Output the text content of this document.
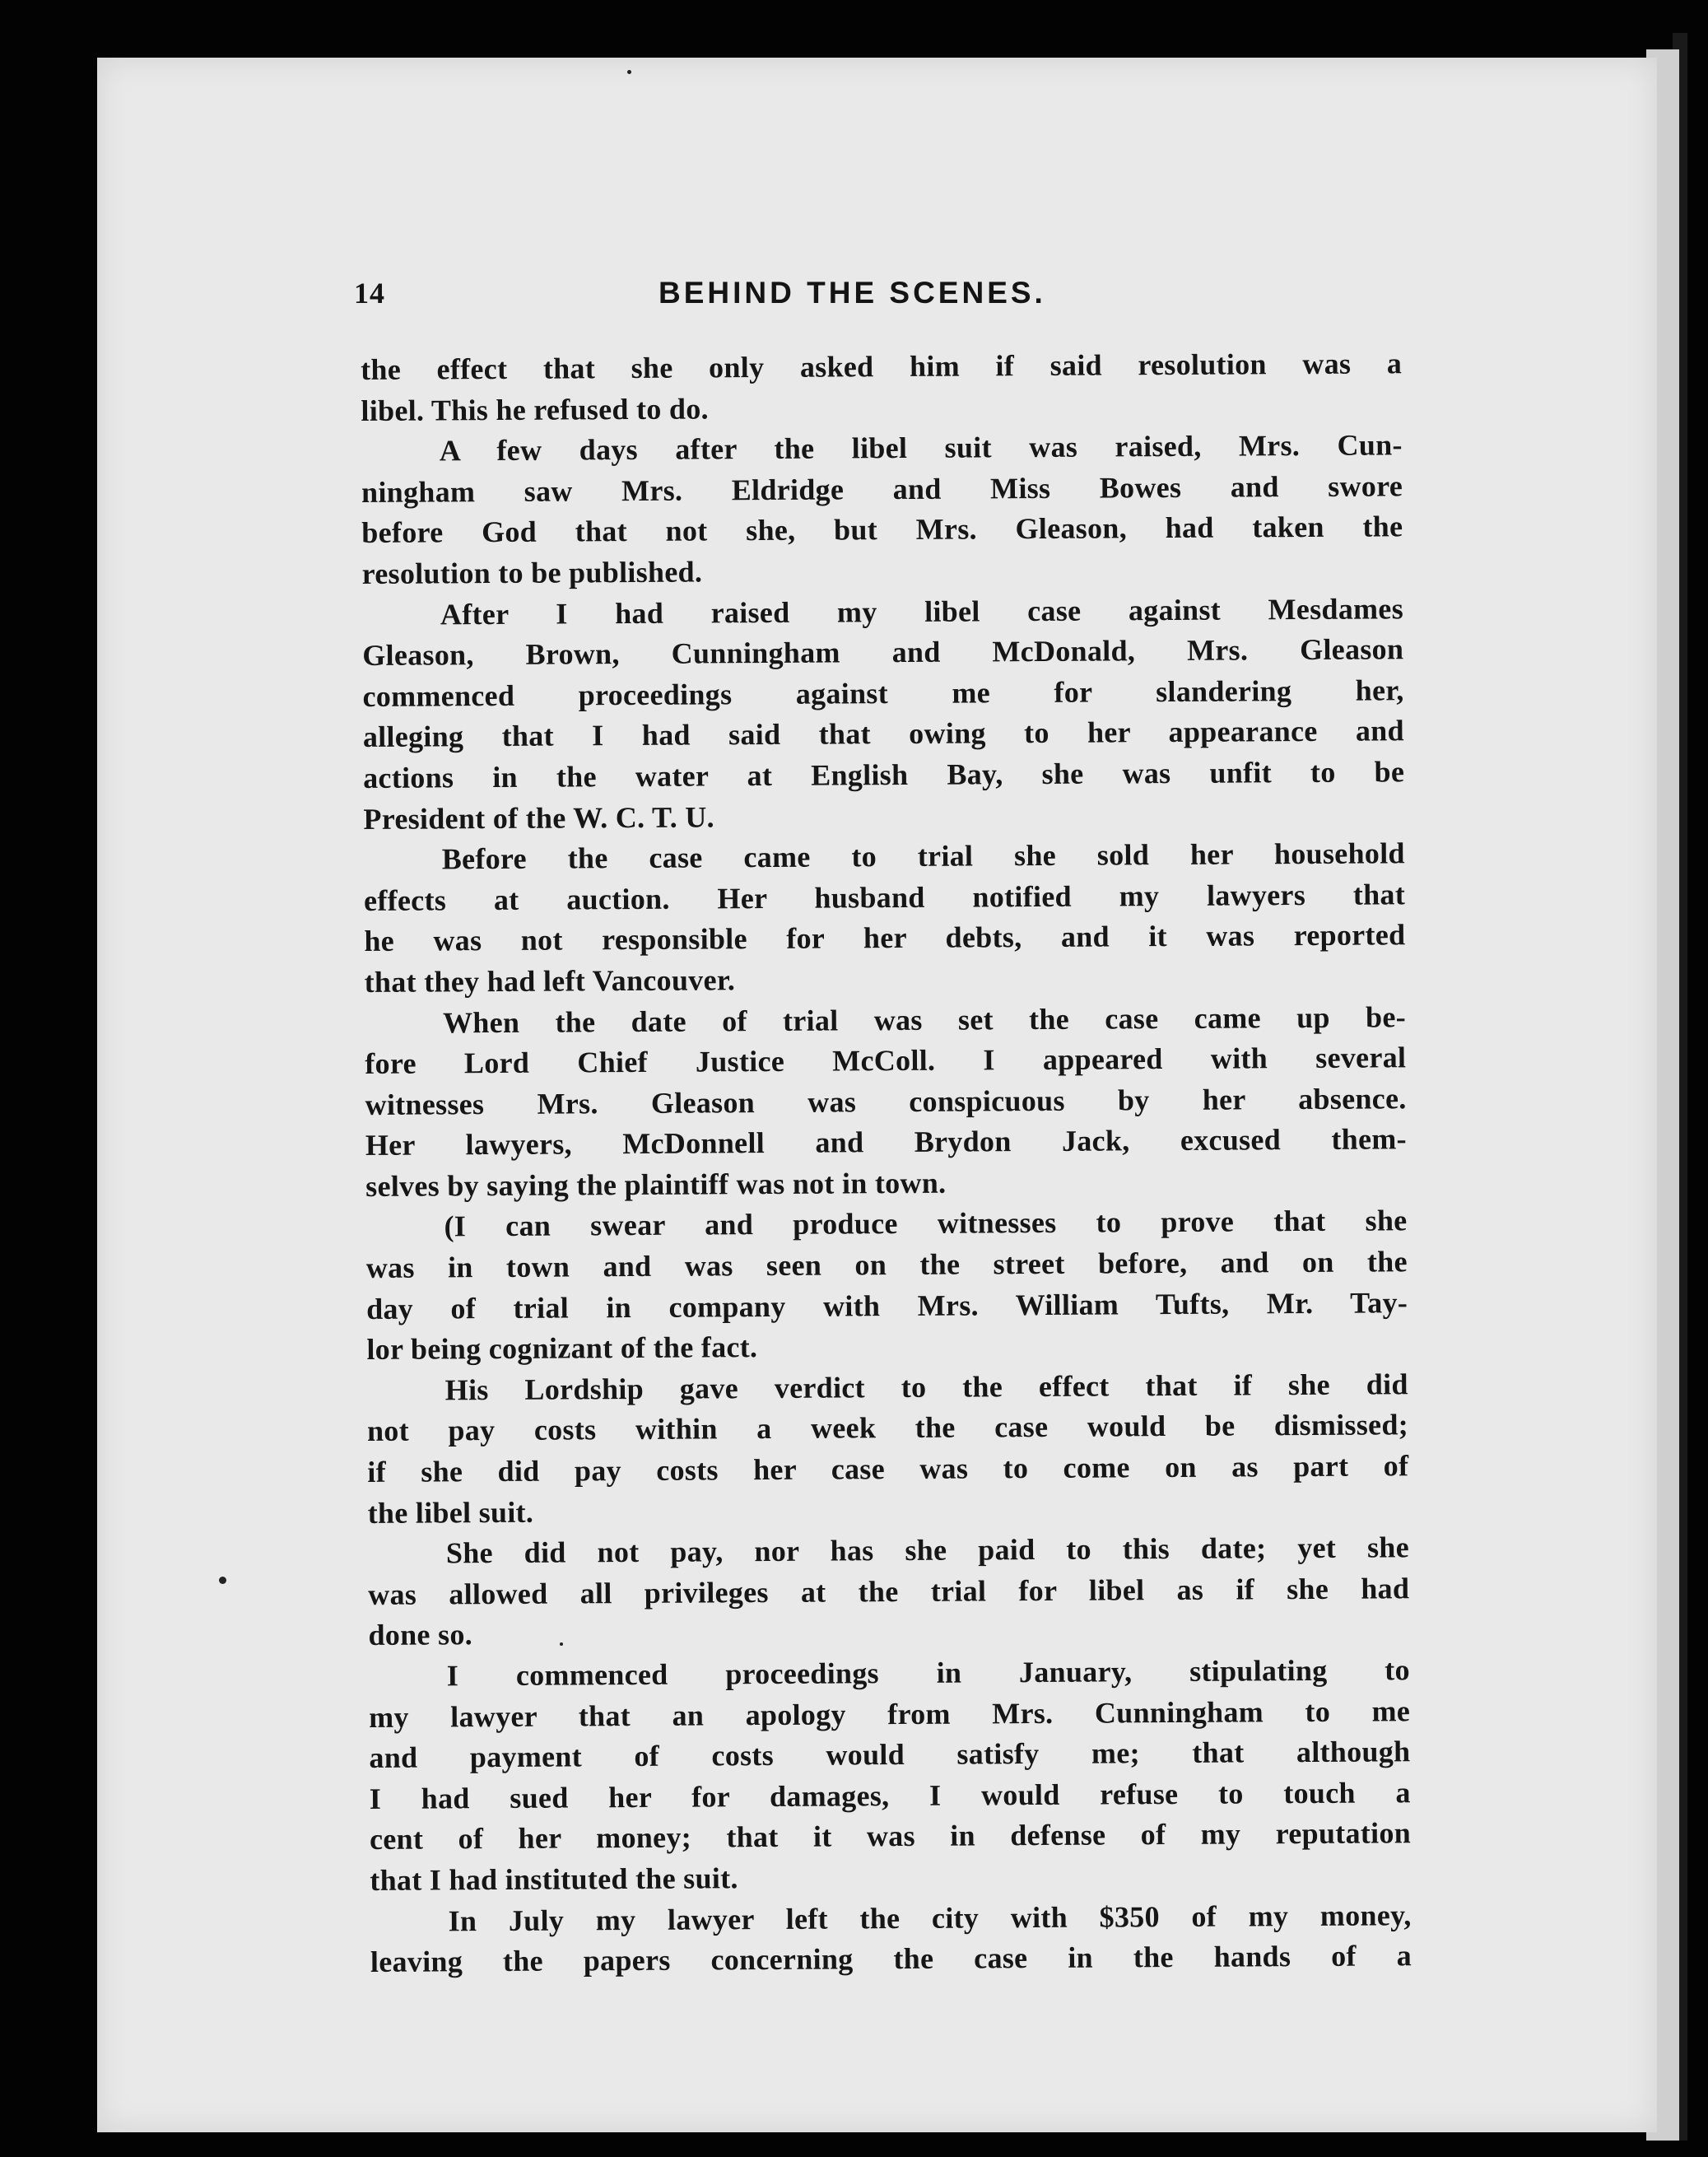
14	BEHIND THE SCENES.
the effect that she only asked him if said resolution was a
libel. This he refused to do.
A few days after the libel suit was raised, Mrs. Cun-
ningham saw Mrs. Eldridge and Miss Bowes and swore
before God that not she, but Mrs. Gleason, had taken the
resolution to be published.
After I had raised my libel case against Mesdames
Gleason, Brown, Cunningham and McDonald, Mrs. Gleason
commenced proceedings against me for slandering her,
alleging that I had said that owing to her appearance and
actions in the water at English Bay, she was unfit to be
President of the W. C. T. U.
Before the case came to trial she sold her household
effects at auction. Her husband notified my lawyers that
he was not responsible for her debts, and it was reported
that they had left Vancouver.
When the date of trial was set the case came up be-
fore Lord Chief Justice McColl. I appeared with several
witnesses Mrs. Gleason was conspicuous by her absence.
Her lawyers, McDonnell and Brydon Jack, excused them-
selves by saying the plaintiff was not in town.
(I can swear and produce witnesses to prove that she
was in town and was seen on the street before, and on the
day of trial in company with Mrs. William Tufts, Mr. Tay-
lor being cognizant of the fact.
His Lordship gave verdict to the effect that if she did
not pay costs within a week the case would be dismissed;
if she did pay costs her case was to come on as part of
the libel suit.
She did not pay, nor has she paid to this date; yet she
was allowed all privileges at the trial for libel as if she had
done so.
I commenced proceedings in January, stipulating to
my lawyer that an apology from Mrs. Cunningham to me
and payment of costs would satisfy me; that although
I had sued her for damages, I would refuse to touch a
cent of her money; that it was in defense of my reputation
that I had instituted the suit.
In July my lawyer left the city with $350 of my money,
leaving the papers concerning the case in the hands of a
